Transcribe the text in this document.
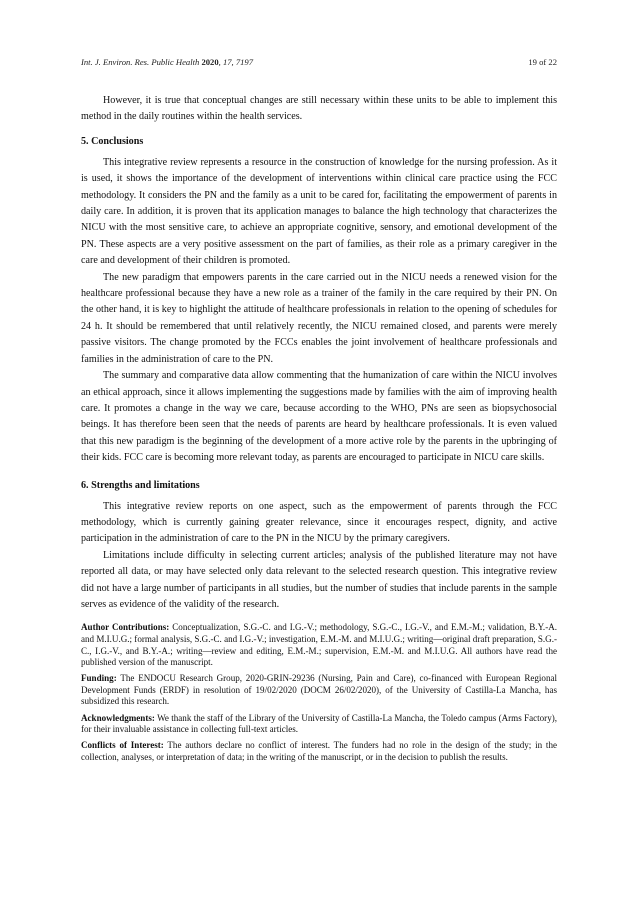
Int. J. Environ. Res. Public Health 2020, 17, 7197	19 of 22

However, it is true that conceptual changes are still necessary within these units to be able to implement this method in the daily routines within the health services.

5. Conclusions

This integrative review represents a resource in the construction of knowledge for the nursing profession. As it is used, it shows the importance of the development of interventions within clinical care practice using the FCC methodology. It considers the PN and the family as a unit to be cared for, facilitating the empowerment of parents in daily care. In addition, it is proven that its application manages to balance the high technology that characterizes the NICU with the most sensitive care, to achieve an appropriate cognitive, sensory, and emotional development of the PN. These aspects are a very positive assessment on the part of families, as their role as a primary caregiver in the care and development of their children is promoted.

The new paradigm that empowers parents in the care carried out in the NICU needs a renewed vision for the healthcare professional because they have a new role as a trainer of the family in the care required by their PN. On the other hand, it is key to highlight the attitude of healthcare professionals in relation to the opening of schedules for 24 h. It should be remembered that until relatively recently, the NICU remained closed, and parents were merely passive visitors. The change promoted by the FCCs enables the joint involvement of healthcare professionals and families in the administration of care to the PN.

The summary and comparative data allow commenting that the humanization of care within the NICU involves an ethical approach, since it allows implementing the suggestions made by families with the aim of improving health care. It promotes a change in the way we care, because according to the WHO, PNs are seen as biopsychosocial beings. It has therefore been seen that the needs of parents are heard by healthcare professionals. It is even valued that this new paradigm is the beginning of the development of a more active role by the parents in the upbringing of their kids. FCC care is becoming more relevant today, as parents are encouraged to participate in NICU care skills.

6. Strengths and limitations

This integrative review reports on one aspect, such as the empowerment of parents through the FCC methodology, which is currently gaining greater relevance, since it encourages respect, dignity, and active participation in the administration of care to the PN in the NICU by the primary caregivers.

Limitations include difficulty in selecting current articles; analysis of the published literature may not have reported all data, or may have selected only data relevant to the selected research question. This integrative review did not have a large number of participants in all studies, but the number of studies that include parents in the sample serves as evidence of the validity of the research.

Author Contributions: Conceptualization, S.G.-C. and I.G.-V.; methodology, S.G.-C., I.G.-V., and E.M.-M.; validation, B.Y.-A. and M.I.U.G.; formal analysis, S.G.-C. and I.G.-V.; investigation, E.M.-M. and M.I.U.G.; writing—original draft preparation, S.G.-C., I.G.-V., and B.Y.-A.; writing—review and editing, E.M.-M.; supervision, E.M.-M. and M.I.U.G. All authors have read the published version of the manuscript.

Funding: The ENDOCU Research Group, 2020-GRIN-29236 (Nursing, Pain and Care), co-financed with European Regional Development Funds (ERDF) in resolution of 19/02/2020 (DOCM 26/02/2020), of the University of Castilla-La Mancha, has subsidized this research.

Acknowledgments: We thank the staff of the Library of the University of Castilla-La Mancha, the Toledo campus (Arms Factory), for their invaluable assistance in collecting full-text articles.

Conflicts of Interest: The authors declare no conflict of interest. The funders had no role in the design of the study; in the collection, analyses, or interpretation of data; in the writing of the manuscript, or in the decision to publish the results.
